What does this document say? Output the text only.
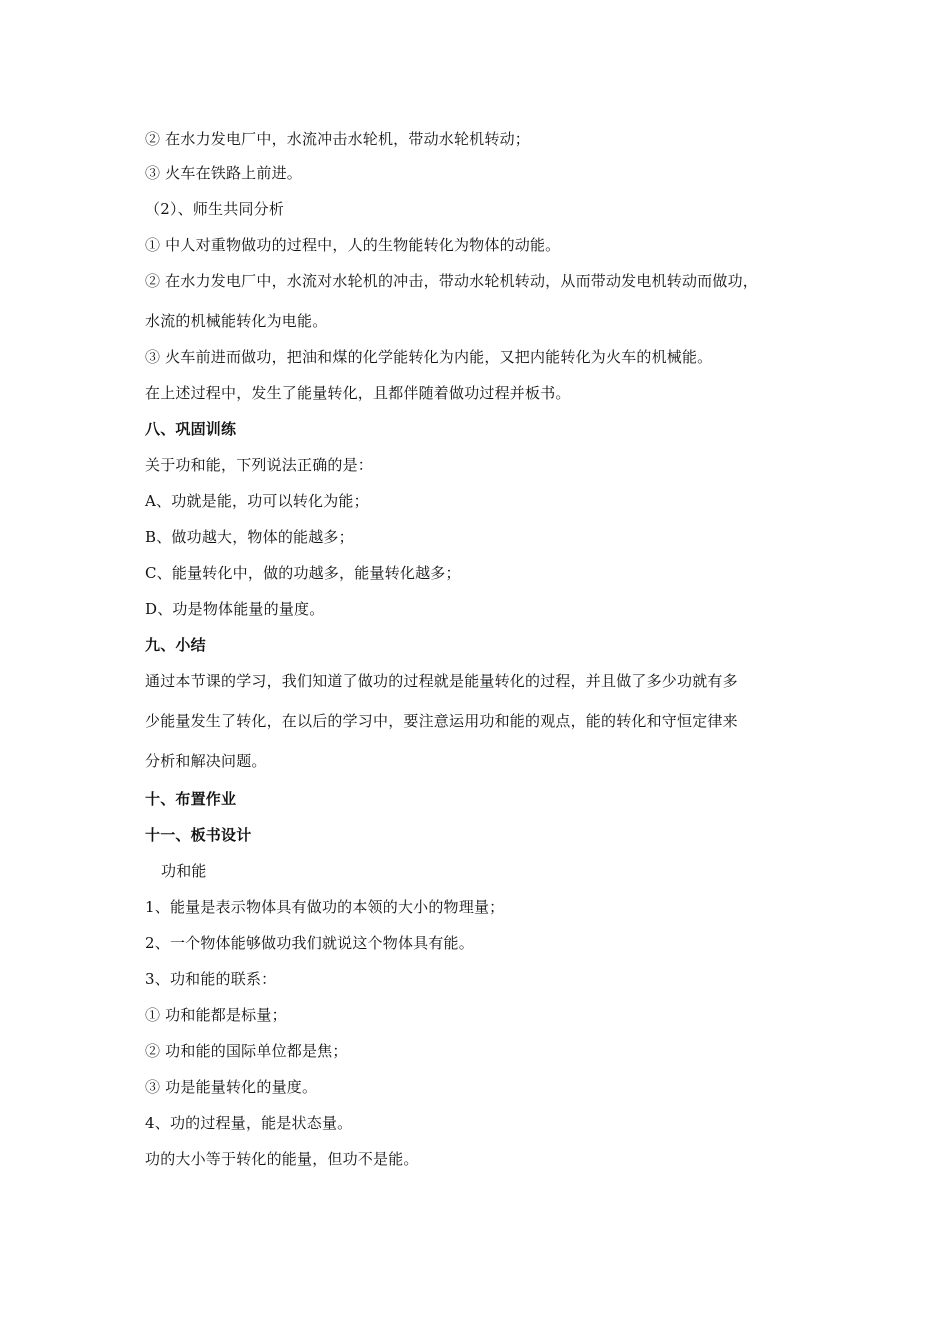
② 在水力发电厂中，水流冲击水轮机，带动水轮机转动；
③ 火车在铁路上前进。
（2）、师生共同分析
① 中人对重物做功的过程中，人的生物能转化为物体的动能。
② 在水力发电厂中，水流对水轮机的冲击，带动水轮机转动，从而带动发电机转动而做功，
水流的机械能转化为电能。
③ 火车前进而做功，把油和煤的化学能转化为内能，又把内能转化为火车的机械能。
在上述过程中，发生了能量转化，且都伴随着做功过程并板书。
八、巩固训练
关于功和能，下列说法正确的是：
A、功就是能，功可以转化为能；
B、做功越大，物体的能越多；
C、能量转化中，做的功越多，能量转化越多；
D、功是物体能量的量度。
九、小结
通过本节课的学习，我们知道了做功的过程就是能量转化的过程，并且做了多少功就有多
少能量发生了转化，在以后的学习中，要注意运用功和能的观点，能的转化和守恒定律来
分析和解决问题。
十、布置作业
十一、板书设计
功和能
1、能量是表示物体具有做功的本领的大小的物理量；
2、一个物体能够做功我们就说这个物体具有能。
3、功和能的联系：
① 功和能都是标量；
② 功和能的国际单位都是焦；
③ 功是能量转化的量度。
4、功的过程量，能是状态量。
功的大小等于转化的能量，但功不是能。
